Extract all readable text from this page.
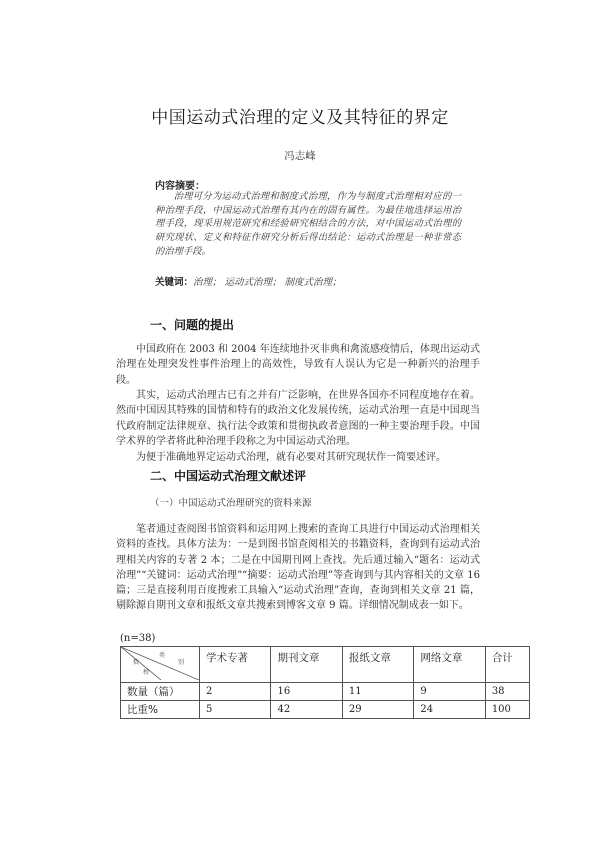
中国运动式治理的定义及其特征的界定
冯志峰
内容摘要：
治理可分为运动式治理和制度式治理，作为与制度式治理相对应的一种治理手段，中国运动式治理有其内在的固有属性。为最佳地选择运用治理手段，现采用规范研究和经验研究相结合的方法，对中国运动式治理的研究现状、定义和特征作研究分析后得出结论：运动式治理是一种非常态的治理手段。
关键词：治理； 运动式治理； 制度式治理；
一、问题的提出
中国政府在 2003 和 2004 年连续地扑灭非典和禽流感疫情后，体现出运动式治理在处理突发性事件治理上的高效性，导致有人误认为它是一种新兴的治理手段。
其实，运动式治理古已有之并有广泛影响，在世界各国亦不同程度地存在着。然而中国因其特殊的国情和特有的政治文化发展传统，运动式治理一直是中国现当代政府制定法律规章、执行法令政策和贯彻执政者意图的一种主要治理手段。中国学术界的学者将此种治理手段称之为中国运动式治理。
为便于准确地界定运动式治理，就有必要对其研究现状作一简要述评。
二、中国运动式治理文献述评
（一）中国运动式治理研究的资料来源
笔者通过查阅图书馆资料和运用网上搜索的查询工具进行中国运动式治理相关资料的查找。具体方法为：一是到图书馆查阅相关的书籍资料，查询到有运动式治理相关内容的专著 2 本；二是在中国期刊网上查找。先后通过输入“题名：运动式治理”“关键词：运动式治理”“摘要：运动式治理”等查询到与其内容相关的文章 16 篇；三是直接利用百度搜索工具输入“运动式治理”查询，查询到相关文章 21 篇，剔除源自期刊文章和报纸文章共搜索到博客文章 9 篇。详细情况制成表一如下。
(n=38)
类
别
数
榜	学术专著	期刊文章	报纸文章	网络文章	合计
数量（篇）	2	16	11	9	38
比重%	5	42	29	24	100
